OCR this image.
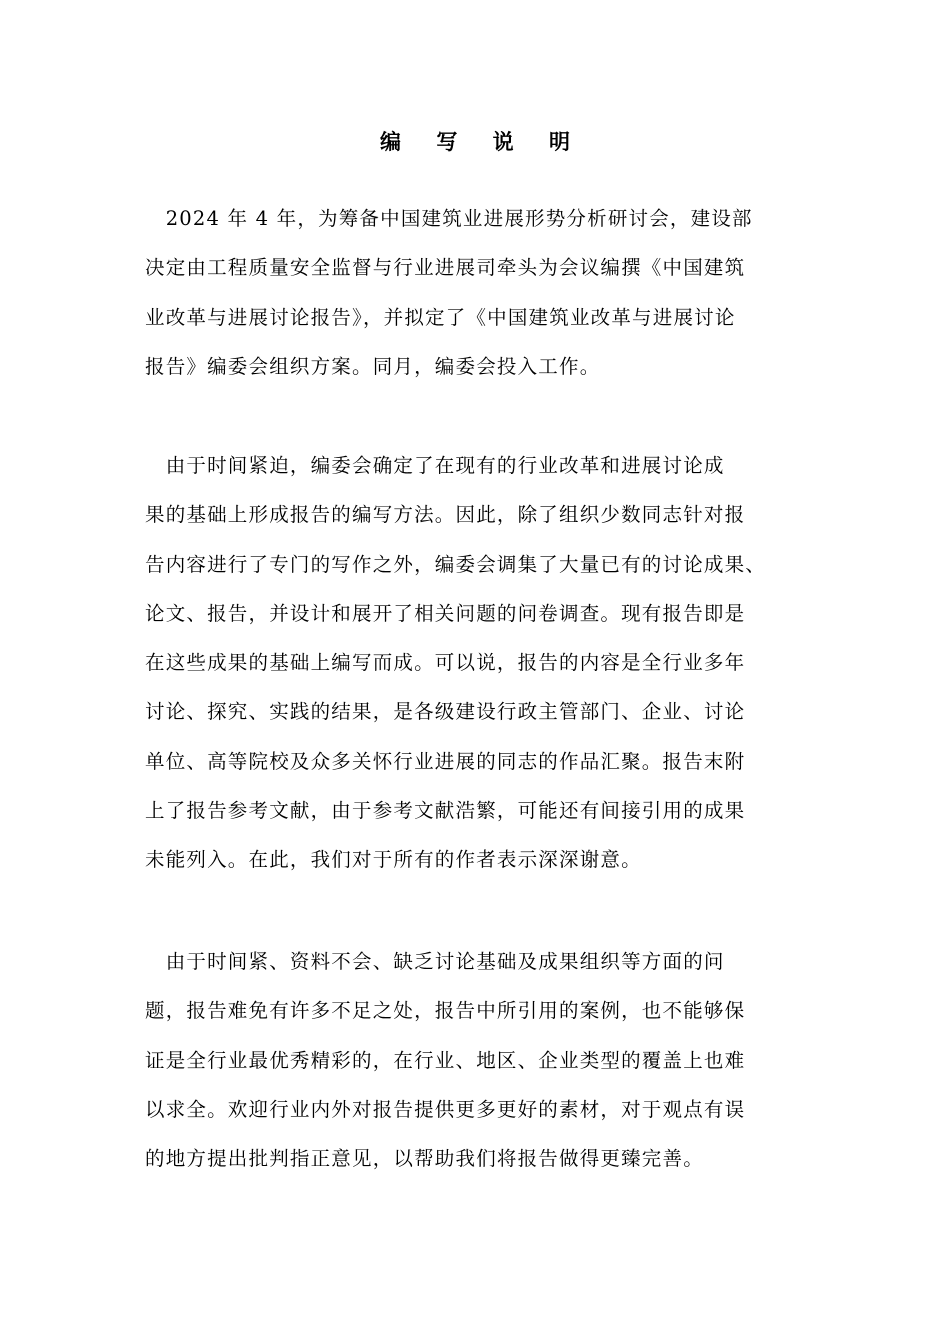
编 写 说 明
　2024 年 4 年，为筹备中国建筑业进展形势分析研讨会，建设部
决定由工程质量安全监督与行业进展司牵头为会议编撰《中国建筑
业改革与进展讨论报告》，并拟定了《中国建筑业改革与进展讨论
报告》编委会组织方案。同月，编委会投入工作。
　由于时间紧迫，编委会确定了在现有的行业改革和进展讨论成
果的基础上形成报告的编写方法。因此，除了组织少数同志针对报
告内容进行了专门的写作之外，编委会调集了大量已有的讨论成果、
论文、报告，并设计和展开了相关问题的问卷调查。现有报告即是
在这些成果的基础上编写而成。可以说，报告的内容是全行业多年
讨论、探究、实践的结果，是各级建设行政主管部门、企业、讨论
单位、高等院校及众多关怀行业进展的同志的作品汇聚。报告末附
上了报告参考文献，由于参考文献浩繁，可能还有间接引用的成果
未能列入。在此，我们对于所有的作者表示深深谢意。
　由于时间紧、资料不会、缺乏讨论基础及成果组织等方面的问
题，报告难免有许多不足之处，报告中所引用的案例，也不能够保
证是全行业最优秀精彩的，在行业、地区、企业类型的覆盖上也难
以求全。欢迎行业内外对报告提供更多更好的素材，对于观点有误
的地方提出批判指正意见，以帮助我们将报告做得更臻完善。
